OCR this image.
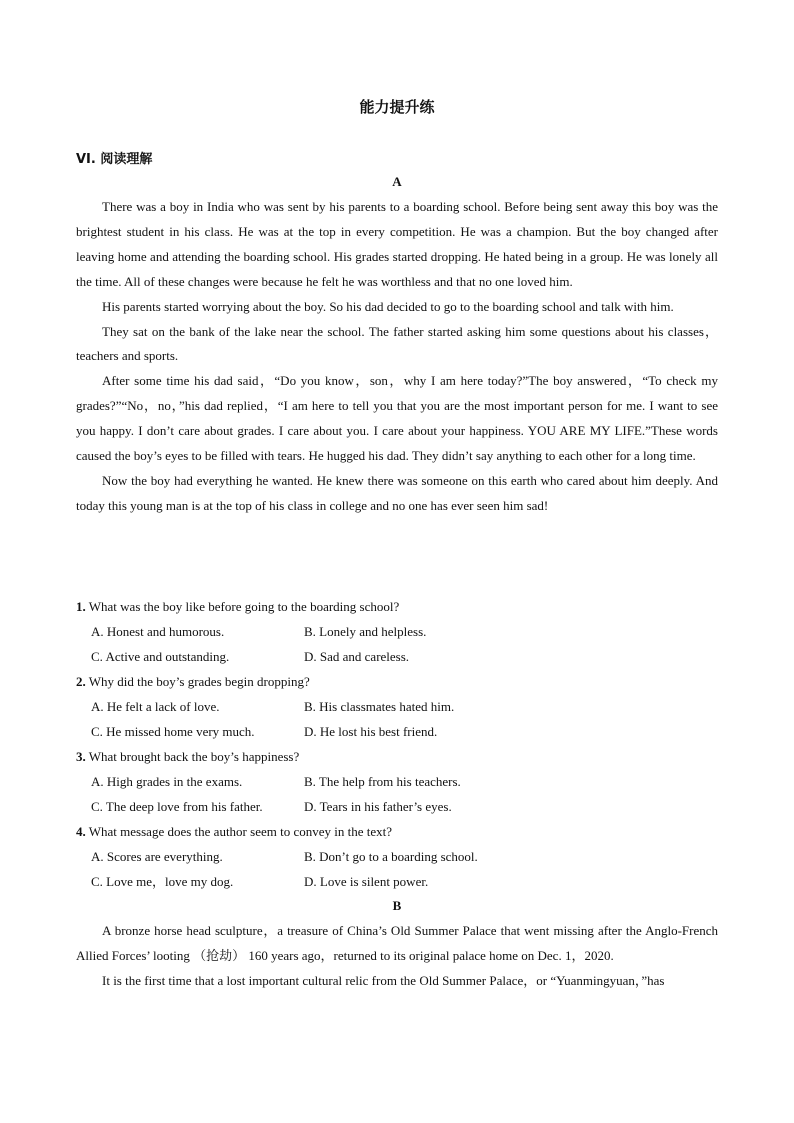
能力提升练
VI. 阅读理解
A

There was a boy in India who was sent by his parents to a boarding school. Before being sent away this boy was the brightest student in his class. He was at the top in every competition. He was a champion. But the boy changed after leaving home and attending the boarding school. His grades started dropping. He hated being in a group. He was lonely all the time. All of these changes were because he felt he was worthless and that no one loved him.

His parents started worrying about the boy. So his dad decided to go to the boarding school and talk with him.

They sat on the bank of the lake near the school. The father started asking him some questions about his classes，teachers and sports.

After some time his dad said，“Do you know，son，why I am here today?”The boy answered，“To check my grades?”“No，no，”his dad replied，“I am here to tell you that you are the most important person for me. I want to see you happy. I don’t care about grades. I care about you. I care about your happiness. YOU ARE MY LIFE.”These words caused the boy’s eyes to be filled with tears. He hugged his dad. They didn’t say anything to each other for a long time.

Now the boy had everything he wanted. He knew there was someone on this earth who cared about him deeply. And today this young man is at the top of his class in college and no one has ever seen him sad!

1. What was the boy like before going to the boarding school?
A. Honest and humorous.	B. Lonely and helpless.
C. Active and outstanding.	D. Sad and careless.
2. Why did the boy’s grades begin dropping?
A. He felt a lack of love.	B. His classmates hated him.
C. He missed home very much.	D. He lost his best friend.
3. What brought back the boy’s happiness?
A. High grades in the exams.	B. The help from his teachers.
C. The deep love from his father.	D. Tears in his father’s eyes.
4. What message does the author seem to convey in the text?
A. Scores are everything.	B. Don’t go to a boarding school.
C. Love me，love my dog.	D. Love is silent power.
B

A bronze horse head sculpture，a treasure of China’s Old Summer Palace that went missing after the Anglo-French Allied Forces’ looting （抢劫） 160 years ago，returned to its original palace home on Dec. 1，2020.

It is the first time that a lost important cultural relic from the Old Summer Palace，or “Yuanmingyuan，”has
